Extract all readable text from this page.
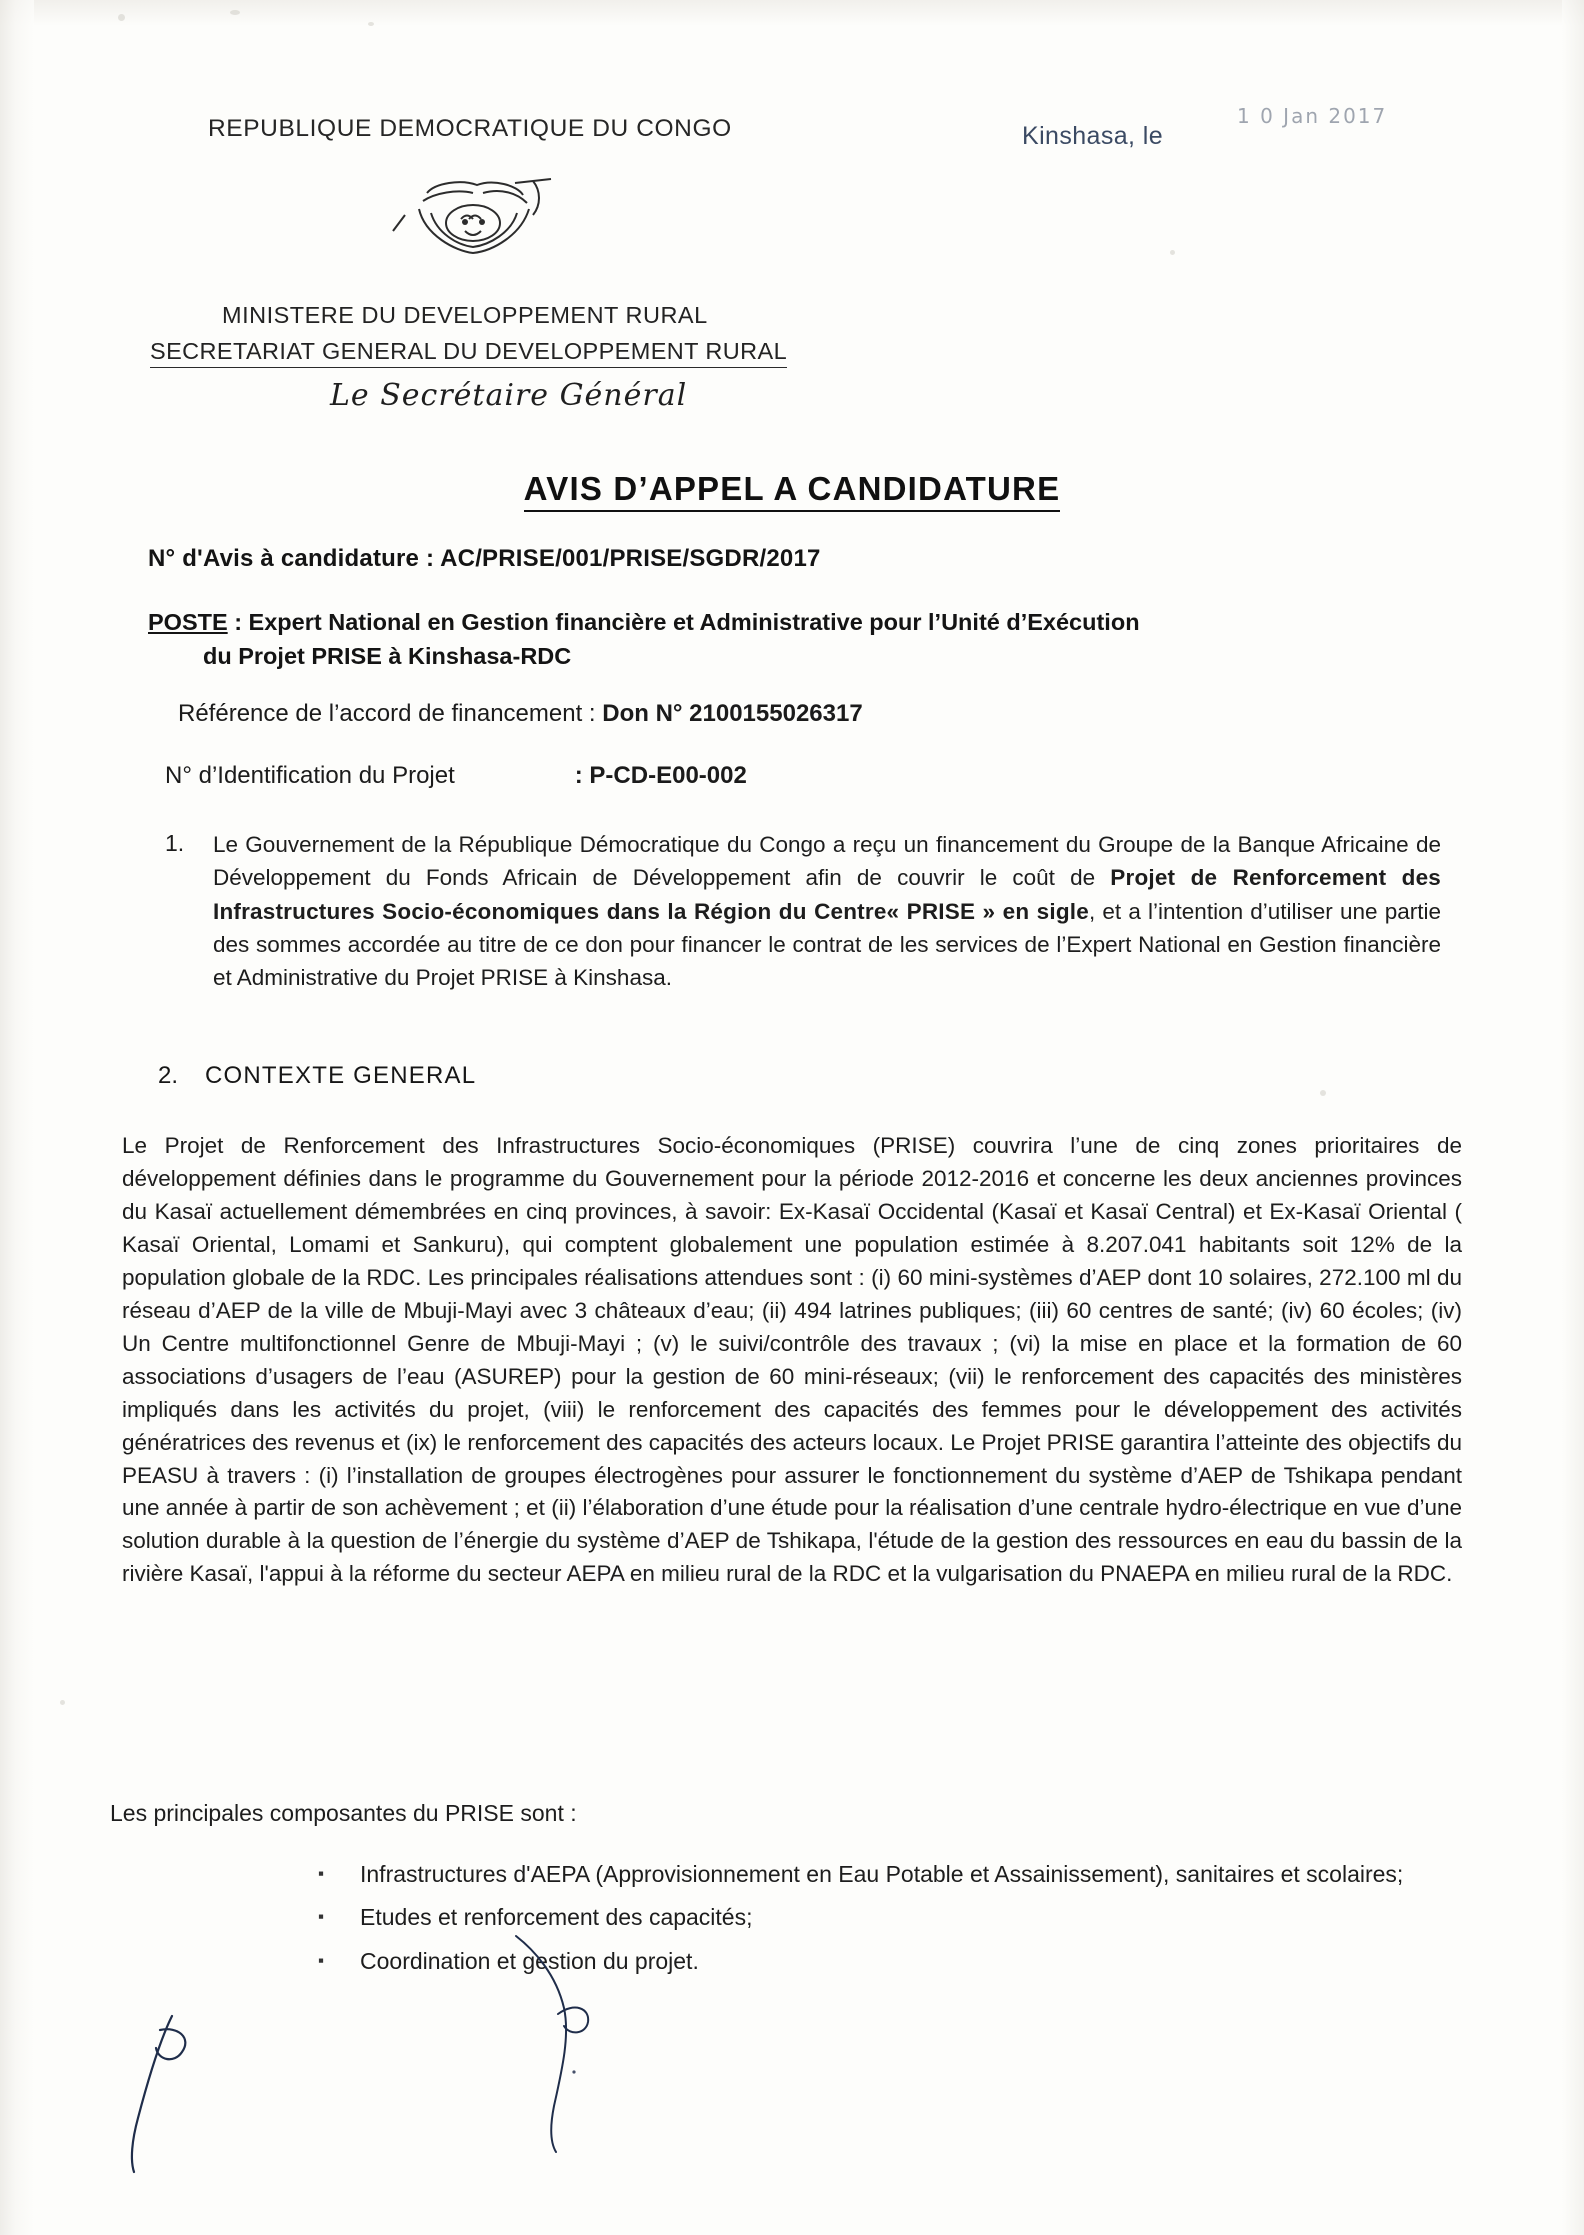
REPUBLIQUE DEMOCRATIQUE DU CONGO	Kinshasa, le
1 0 Jan 2017
MINISTERE DU DEVELOPPEMENT RURAL
SECRETARIAT GENERAL DU DEVELOPPEMENT RURAL
Le Secrétaire Général
AVIS D’APPEL A CANDIDATURE
N° d'Avis à candidature : AC/PRISE/001/PRISE/SGDR/2017
POSTE : Expert National en Gestion financière et Administrative pour l’Unité d’Exécution
du Projet PRISE à Kinshasa-RDC
Référence de l’accord de financement : Don N° 2100155026317
N° d’Identification du Projet	: P-CD-E00-002
1. Le Gouvernement de la République Démocratique du Congo a reçu un financement du Groupe de la Banque Africaine de Développement du Fonds Africain de Développement afin de couvrir le coût de Projet de Renforcement des Infrastructures Socio-économiques dans la Région du Centre« PRISE » en sigle, et a l’intention d’utiliser une partie des sommes accordée au titre de ce don pour financer le contrat de les services de l’Expert National en Gestion financière et Administrative du Projet PRISE à Kinshasa.
2. CONTEXTE GENERAL
Le Projet de Renforcement des Infrastructures Socio-économiques (PRISE) couvrira l’une de cinq zones prioritaires de développement définies dans le programme du Gouvernement pour la période 2012-2016 et concerne les deux anciennes provinces du Kasaï actuellement démembrées en cinq provinces, à savoir: Ex-Kasaï Occidental (Kasaï et Kasaï Central) et Ex-Kasaï Oriental ( Kasaï Oriental, Lomami et Sankuru), qui comptent globalement une population estimée à 8.207.041 habitants soit 12% de la population globale de la RDC. Les principales réalisations attendues sont : (i) 60 mini-systèmes d’AEP dont 10 solaires, 272.100 ml du réseau d’AEP de la ville de Mbuji-Mayi avec 3 châteaux d’eau; (ii) 494 latrines publiques; (iii) 60 centres de santé; (iv) 60 écoles; (iv) Un Centre multifonctionnel Genre de Mbuji-Mayi ; (v) le suivi/contrôle des travaux ; (vi) la mise en place et la formation de 60 associations d’usagers de l’eau (ASUREP) pour la gestion de 60 mini-réseaux; (vii) le renforcement des capacités des ministères impliqués dans les activités du projet, (viii) le renforcement des capacités des femmes pour le développement des activités génératrices des revenus et (ix) le renforcement des capacités des acteurs locaux. Le Projet PRISE garantira l’atteinte des objectifs du PEASU à travers : (i) l’installation de groupes électrogènes pour assurer le fonctionnement du système d’AEP de Tshikapa pendant une année à partir de son achèvement ; et (ii) l’élaboration d’une étude pour la réalisation d’une centrale hydro-électrique en vue d’une solution durable à la question de l’énergie du système d’AEP de Tshikapa, l'étude de la gestion des ressources en eau du bassin de la rivière Kasaï, l'appui à la réforme du secteur AEPA en milieu rural de la RDC et la vulgarisation du PNAEPA en milieu rural de la RDC.
Les principales composantes du PRISE sont :
▪	Infrastructures d'AEPA (Approvisionnement en Eau Potable et Assainissement), sanitaires et scolaires;
▪	Etudes et renforcement des capacités;
▪	Coordination et gestion du projet.
